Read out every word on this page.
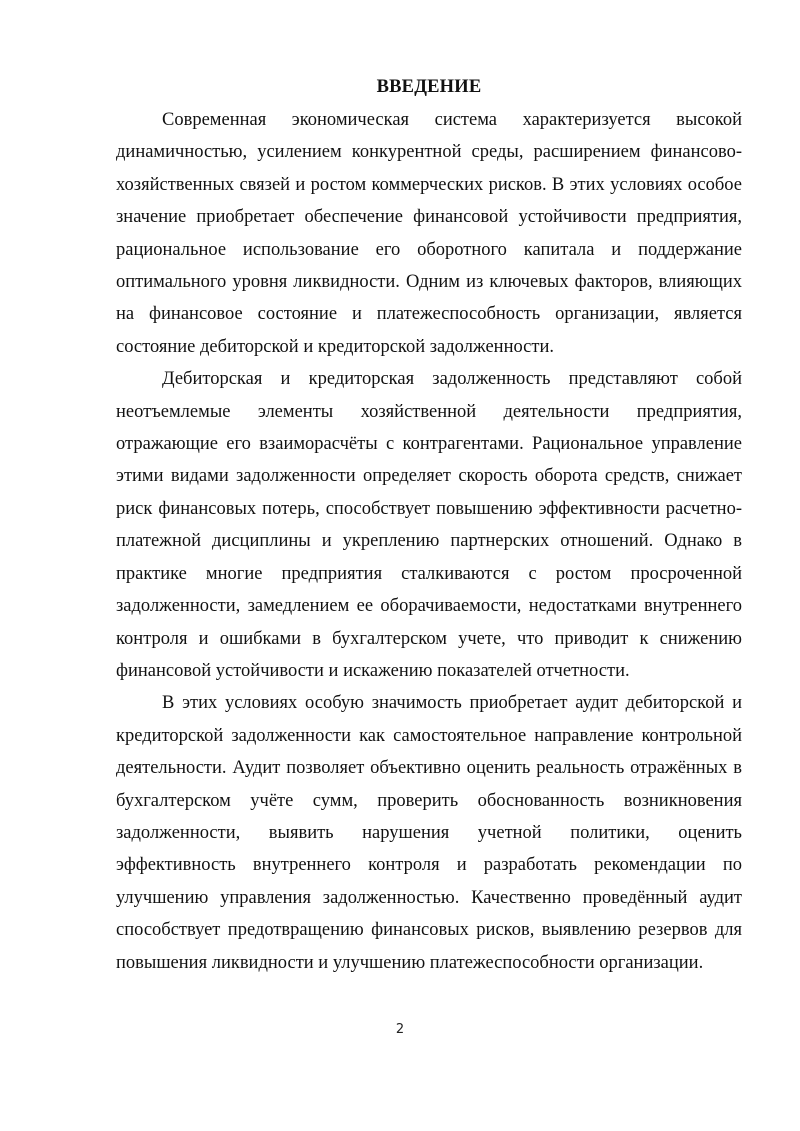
ВВЕДЕНИЕ

Современная экономическая система характеризуется высокой динамичностью, усилением конкурентной среды, расширением финансово-хозяйственных связей и ростом коммерческих рисков. В этих условиях особое значение приобретает обеспечение финансовой устойчивости предприятия, рациональное использование его оборотного капитала и поддержание оптимального уровня ликвидности. Одним из ключевых факторов, влияющих на финансовое состояние и платежеспособность организации, является состояние дебиторской и кредиторской задолженности.

Дебиторская и кредиторская задолженность представляют собой неотъемлемые элементы хозяйственной деятельности предприятия, отражающие его взаиморасчёты с контрагентами. Рациональное управление этими видами задолженности определяет скорость оборота средств, снижает риск финансовых потерь, способствует повышению эффективности расчетно-платежной дисциплины и укреплению партнерских отношений. Однако в практике многие предприятия сталкиваются с ростом просроченной задолженности, замедлением ее оборачиваемости, недостатками внутреннего контроля и ошибками в бухгалтерском учете, что приводит к снижению финансовой устойчивости и искажению показателей отчетности.

В этих условиях особую значимость приобретает аудит дебиторской и кредиторской задолженности как самостоятельное направление контрольной деятельности. Аудит позволяет объективно оценить реальность отражённых в бухгалтерском учёте сумм, проверить обоснованность возникновения задолженности, выявить нарушения учетной политики, оценить эффективность внутреннего контроля и разработать рекомендации по улучшению управления задолженностью. Качественно проведённый аудит способствует предотвращению финансовых рисков, выявлению резервов для повышения ликвидности и улучшению платежеспособности организации.

2
